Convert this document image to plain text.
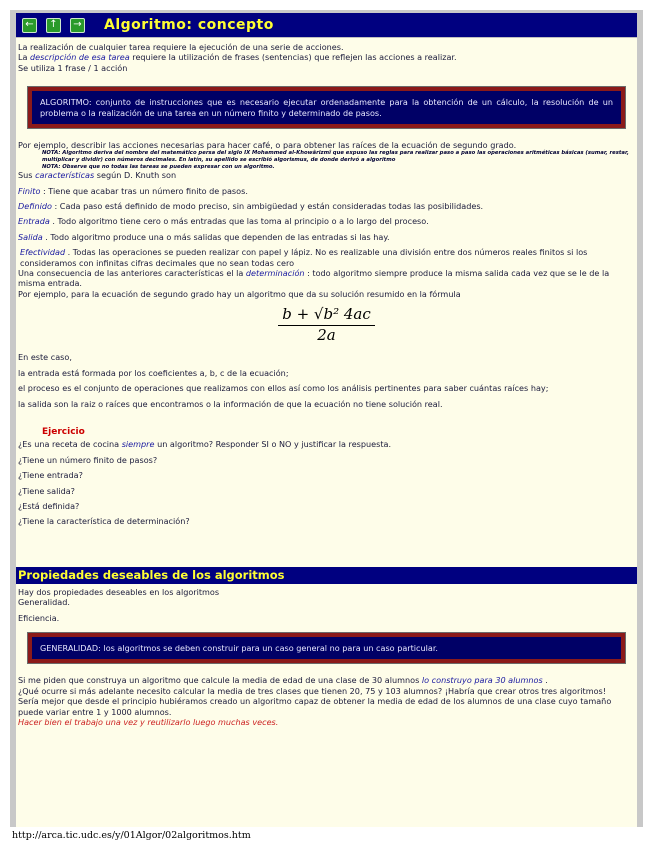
←	↑	→ Algoritmo: concepto
La realización de cualquier tarea requiere la ejecución de una serie de acciones.
La descripción de esa tarea requiere la utilización de frases (sentencias) que reflejen las acciones a realizar.
Se utiliza 1 frase / 1 acción
ALGORITMO: conjunto de instrucciones que es necesario ejecutar ordenadamente para la obtención de un cálculo, la resolución de un problema o la realización de una tarea en un número finito y determinado de pasos.
Por ejemplo, describir las acciones necesarias para hacer café, o para obtener las raíces de la ecuación de segundo grado.
NOTA: Algoritmo deriva del nombre del matemático persa del siglo IX Mohammed al-Khowârizmî que expuso las reglas para realizar paso a paso las operaciones aritméticas básicas (sumar, restar, multiplicar y dividir) con números decimales. En latín, su apellido se escribió algorismus, de donde derivó a algoritmo
NOTA: Observe que no todas las tareas se pueden expresar con un algoritmo.
Sus características según D. Knuth son
Finito : Tiene que acabar tras un número finito de pasos.
Definido : Cada paso está definido de modo preciso, sin ambigüedad y están consideradas todas las posibilidades.
Entrada . Todo algoritmo tiene cero o más entradas que las toma al principio o a lo largo del proceso.
Salida . Todo algoritmo produce una o más salidas que dependen de las entradas si las hay.
Efectividad . Todas las operaciones se pueden realizar con papel y lápiz. No es realizable una división entre dos números reales finitos si los consideramos con infinitas cifras decimales que no sean todas cero
Una consecuencia de las anteriores características el la determinación : todo algoritmo siempre produce la misma salida cada vez que se le de la misma entrada.
Por ejemplo, para la ecuación de segundo grado hay un algoritmo que da su solución resumido en la fórmula
b + √b² 4ac
2a
En este caso,
la entrada está formada por los coeficientes a, b, c de la ecuación;
el proceso es el conjunto de operaciones que realizamos con ellos así como los análisis pertinentes para saber cuántas raíces hay;
la salida son la raiz o raíces que encontramos o la información de que la ecuación no tiene solución real.
Ejercicio
¿Es una receta de cocina siempre un algoritmo? Responder SI o NO y justificar la respuesta.
¿Tiene un número finito de pasos?
¿Tiene entrada?
¿Tiene salida?
¿Está definida?
¿Tiene la característica de determinación?
Propiedades deseables de los algoritmos
Hay dos propiedades deseables en los algoritmos
Generalidad.
Eficiencia.
GENERALIDAD: los algoritmos se deben construir para un caso general no para un caso particular.
Si me piden que construya un algoritmo que calcule la media de edad de una clase de 30 alumnos lo construyo para 30 alumnos .
¿Qué ocurre si más adelante necesito calcular la media de tres clases que tienen 20, 75 y 103 alumnos? ¡Habría que crear otros tres algoritmos!
Sería mejor que desde el principio hubiéramos creado un algoritmo capaz de obtener la media de edad de los alumnos de una clase cuyo tamaño puede variar entre 1 y 1000 alumnos.
Hacer bien el trabajo una vez y reutilizarlo luego muchas veces.
http://arca.tic.udc.es/y/01Algor/02algoritmos.htm
